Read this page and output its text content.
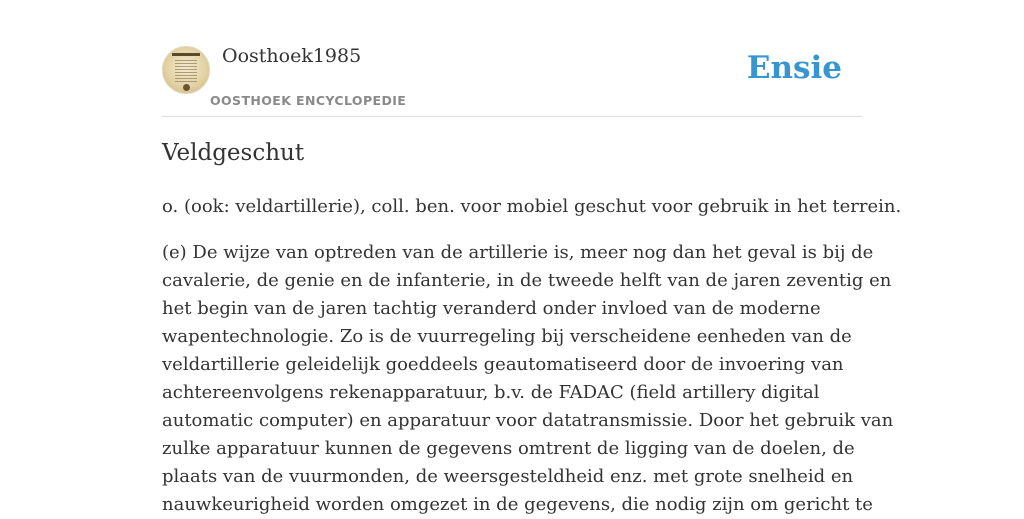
Oosthoek1985
OOSTHOEK ENCYCLOPEDIE
Ensie
Veldgeschut
o. (ook: veldartillerie), coll. ben. voor mobiel geschut voor gebruik in het terrein.
(e) De wijze van optreden van de artillerie is, meer nog dan het geval is bij de
cavalerie, de genie en de infanterie, in de tweede helft van de jaren zeventig en
het begin van de jaren tachtig veranderd onder invloed van de moderne
wapentechnologie. Zo is de vuurregeling bij verscheidene eenheden van de
veldartillerie geleidelijk goeddeels geautomatiseerd door de invoering van
achtereenvolgens rekenapparatuur, b.v. de FADAC (field artillery digital
automatic computer) en apparatuur voor datatransmissie. Door het gebruik van
zulke apparatuur kunnen de gegevens omtrent de ligging van de doelen, de
plaats van de vuurmonden, de weersgesteldheid enz. met grote snelheid en
nauwkeurigheid worden omgezet in de gegevens, die nodig zijn om gericht te
